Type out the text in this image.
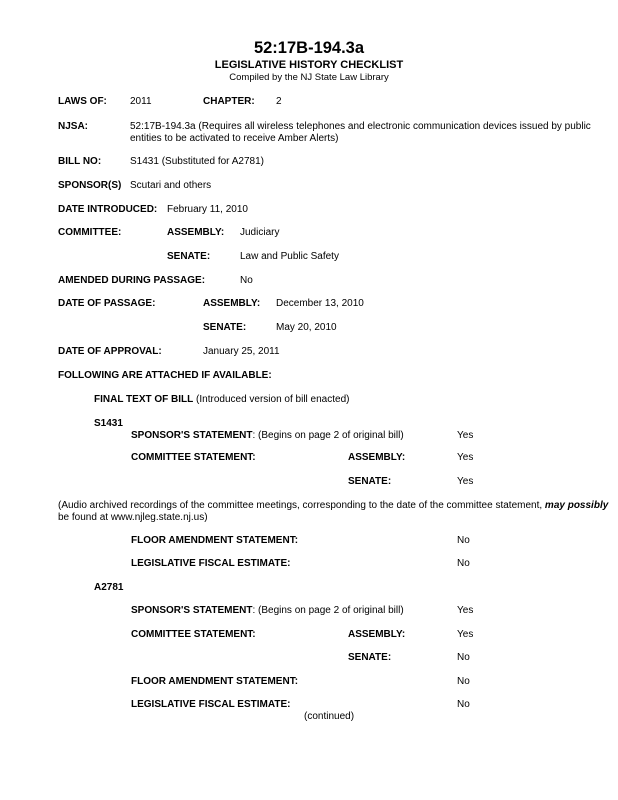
52:17B-194.3a
LEGISLATIVE HISTORY CHECKLIST
Compiled by the NJ State Law Library
LAWS OF: 2011	CHAPTER: 2
NJSA:	52:17B-194.3a (Requires all wireless telephones and electronic communication devices issued by public
entities to be activated to receive Amber Alerts)
BILL NO:	S1431 (Substituted for A2781)
SPONSOR(S) Scutari and others
DATE INTRODUCED: February 11, 2010
COMMITTEE:	ASSEMBLY: Judiciary
SENATE:	Law and Public Safety
AMENDED DURING PASSAGE:	No
DATE OF PASSAGE:	ASSEMBLY: December 13, 2010
SENATE:	May 20, 2010
DATE OF APPROVAL:	January 25, 2011
FOLLOWING ARE ATTACHED IF AVAILABLE:
FINAL TEXT OF BILL (Introduced version of bill enacted)
S1431
SPONSOR'S STATEMENT: (Begins on page 2 of original bill)	Yes
COMMITTEE STATEMENT:	ASSEMBLY:	Yes
SENATE:	Yes
(Audio archived recordings of the committee meetings, corresponding to the date of the committee statement, may possibly
be found at www.njleg.state.nj.us)
FLOOR AMENDMENT STATEMENT:	No
LEGISLATIVE FISCAL ESTIMATE:	No
A2781
SPONSOR'S STATEMENT: (Begins on page 2 of original bill)	Yes
COMMITTEE STATEMENT:	ASSEMBLY:	Yes
SENATE:	No
FLOOR AMENDMENT STATEMENT:	No
LEGISLATIVE FISCAL ESTIMATE:	No
(continued)
